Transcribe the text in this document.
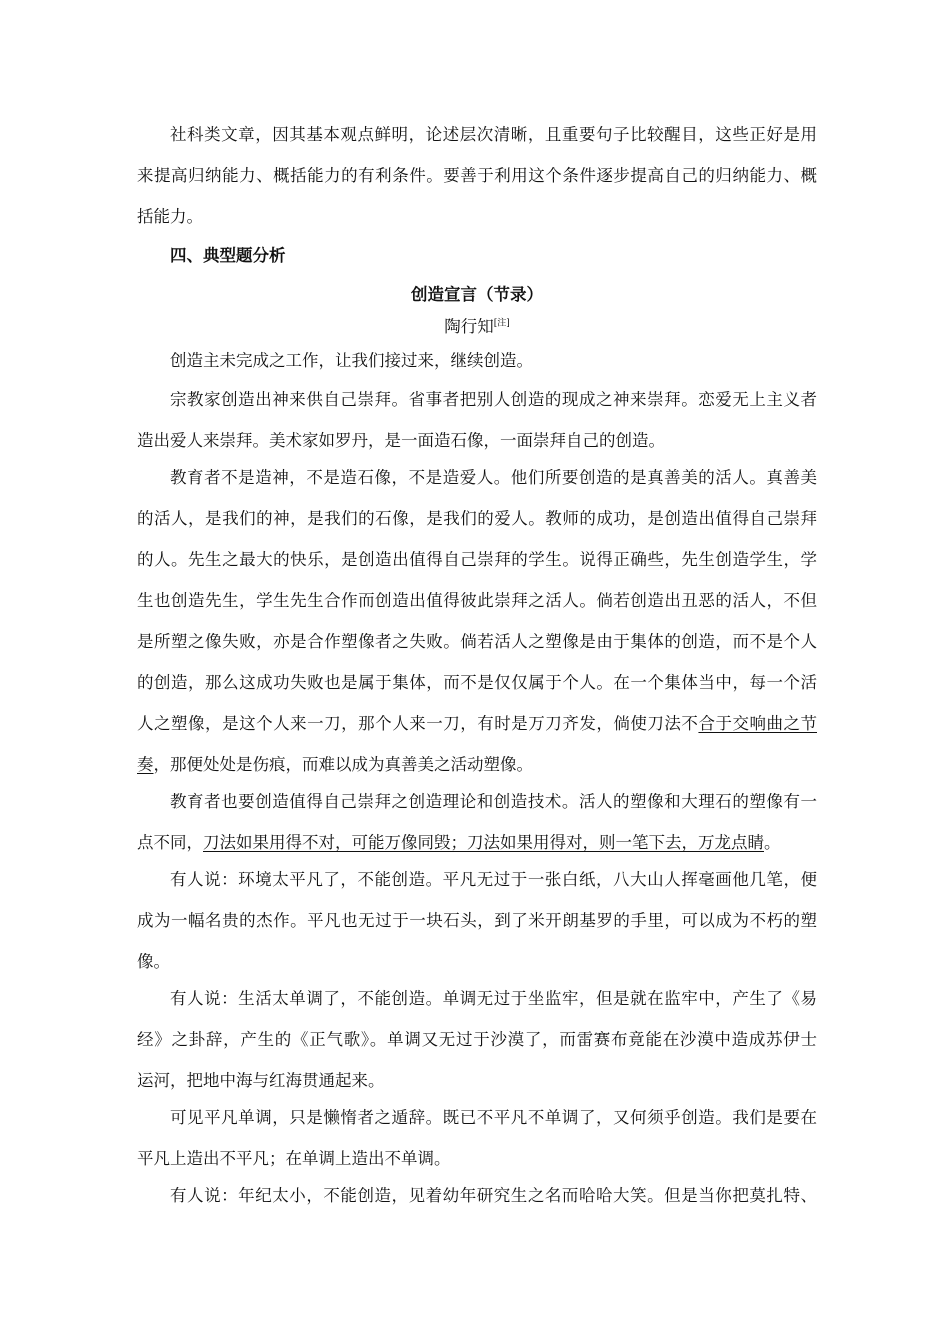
社科类文章，因其基本观点鲜明，论述层次清晰，且重要句子比较醒目，这些正好是用
来提高归纳能力、概括能力的有利条件。要善于利用这个条件逐步提高自己的归纳能力、概
括能力。
四、典型题分析
创造宣言（节录）
陶行知[注]
创造主未完成之工作，让我们接过来，继续创造。
宗教家创造出神来供自己崇拜。省事者把别人创造的现成之神来崇拜。恋爱无上主义者
造出爱人来崇拜。美术家如罗丹，是一面造石像，一面崇拜自己的创造。
教育者不是造神，不是造石像，不是造爱人。他们所要创造的是真善美的活人。真善美
的活人，是我们的神，是我们的石像，是我们的爱人。教师的成功，是创造出值得自己崇拜
的人。先生之最大的快乐，是创造出值得自己崇拜的学生。说得正确些，先生创造学生，学
生也创造先生，学生先生合作而创造出值得彼此崇拜之活人。倘若创造出丑恶的活人，不但
是所塑之像失败，亦是合作塑像者之失败。倘若活人之塑像是由于集体的创造，而不是个人
的创造，那么这成功失败也是属于集体，而不是仅仅属于个人。在一个集体当中，每一个活
人之塑像，是这个人来一刀，那个人来一刀，有时是万刀齐发，倘使刀法不合于交响曲之节
奏，那便处处是伤痕，而难以成为真善美之活动塑像。
教育者也要创造值得自己崇拜之创造理论和创造技术。活人的塑像和大理石的塑像有一
点不同，刀法如果用得不对，可能万像同毁；刀法如果用得对，则一笔下去，万龙点睛。
有人说：环境太平凡了，不能创造。平凡无过于一张白纸，八大山人挥毫画他几笔，便
成为一幅名贵的杰作。平凡也无过于一块石头，到了米开朗基罗的手里，可以成为不朽的塑
像。
有人说：生活太单调了，不能创造。单调无过于坐监牢，但是就在监牢中，产生了《易
经》之卦辞，产生的《正气歌》。单调又无过于沙漠了，而雷赛布竟能在沙漠中造成苏伊士
运河，把地中海与红海贯通起来。
可见平凡单调，只是懒惰者之遁辞。既已不平凡不单调了，又何须乎创造。我们是要在
平凡上造出不平凡；在单调上造出不单调。
有人说：年纪太小，不能创造，见着幼年研究生之名而哈哈大笑。但是当你把莫扎特、
